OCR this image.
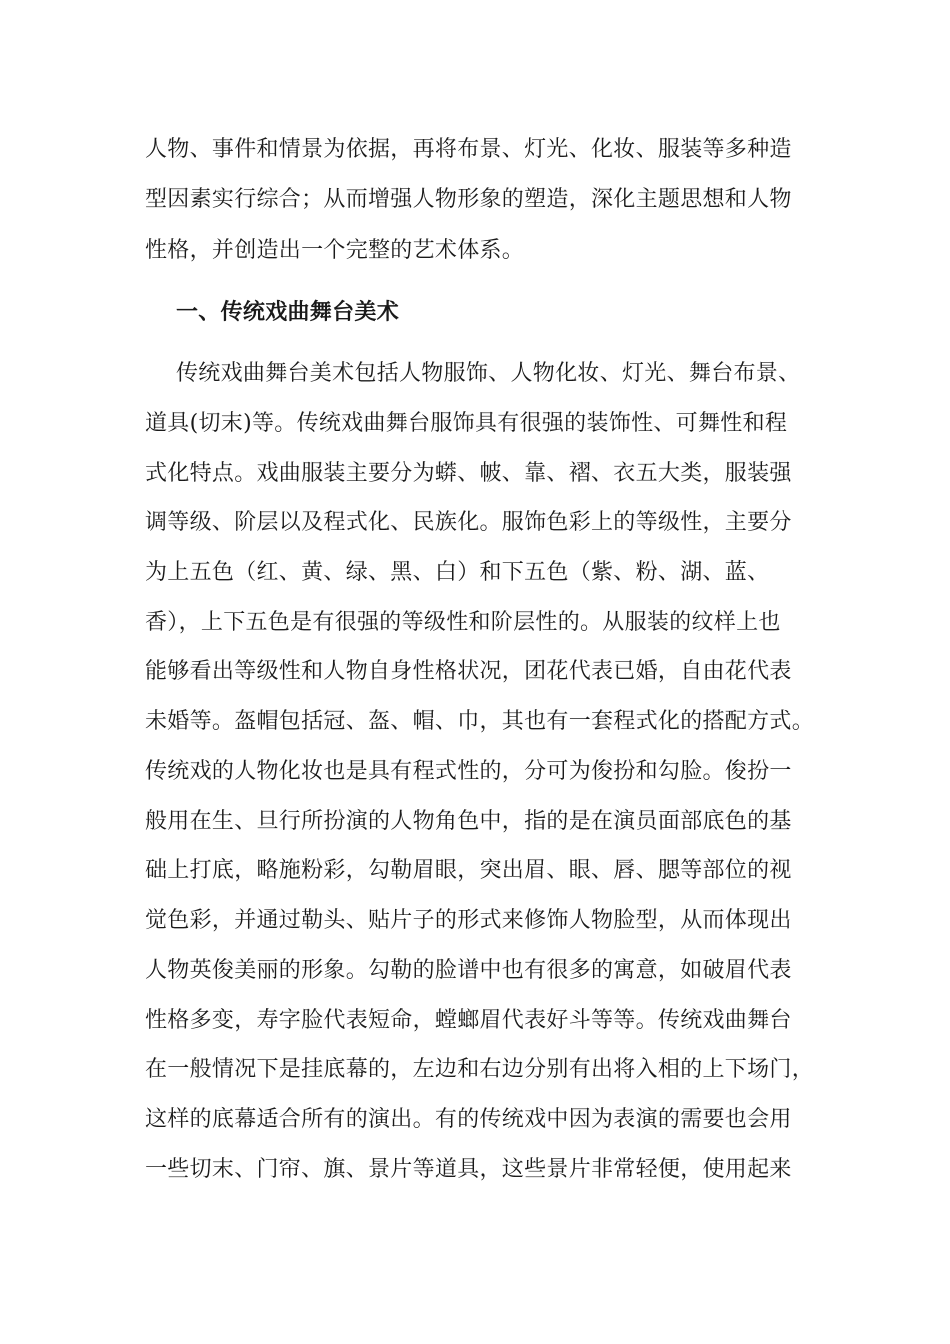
人物、事件和情景为依据，再将布景、灯光、化妆、服装等多种造
型因素实行综合；从而增强人物形象的塑造，深化主题思想和人物
性格，并创造出一个完整的艺术体系。
一、传统戏曲舞台美术
传统戏曲舞台美术包括人物服饰、人物化妆、灯光、舞台布景、
道具(切末)等。传统戏曲舞台服饰具有很强的装饰性、可舞性和程
式化特点。戏曲服装主要分为蟒、帔、靠、褶、衣五大类，服装强
调等级、阶层以及程式化、民族化。服饰色彩上的等级性，主要分
为上五色（红、黄、绿、黑、白）和下五色（紫、粉、湖、蓝、
香），上下五色是有很强的等级性和阶层性的。从服装的纹样上也
能够看出等级性和人物自身性格状况，团花代表已婚，自由花代表
未婚等。盔帽包括冠、盔、帽、巾，其也有一套程式化的搭配方式。
传统戏的人物化妆也是具有程式性的，分可为俊扮和勾脸。俊扮一
般用在生、旦行所扮演的人物角色中，指的是在演员面部底色的基
础上打底，略施粉彩，勾勒眉眼，突出眉、眼、唇、腮等部位的视
觉色彩，并通过勒头、贴片子的形式来修饰人物脸型，从而体现出
人物英俊美丽的形象。勾勒的脸谱中也有很多的寓意，如破眉代表
性格多变，寿字脸代表短命，螳螂眉代表好斗等等。传统戏曲舞台
在一般情况下是挂底幕的，左边和右边分别有出将入相的上下场门，
这样的底幕适合所有的演出。有的传统戏中因为表演的需要也会用
一些切末、门帘、旗、景片等道具，这些景片非常轻便，使用起来
